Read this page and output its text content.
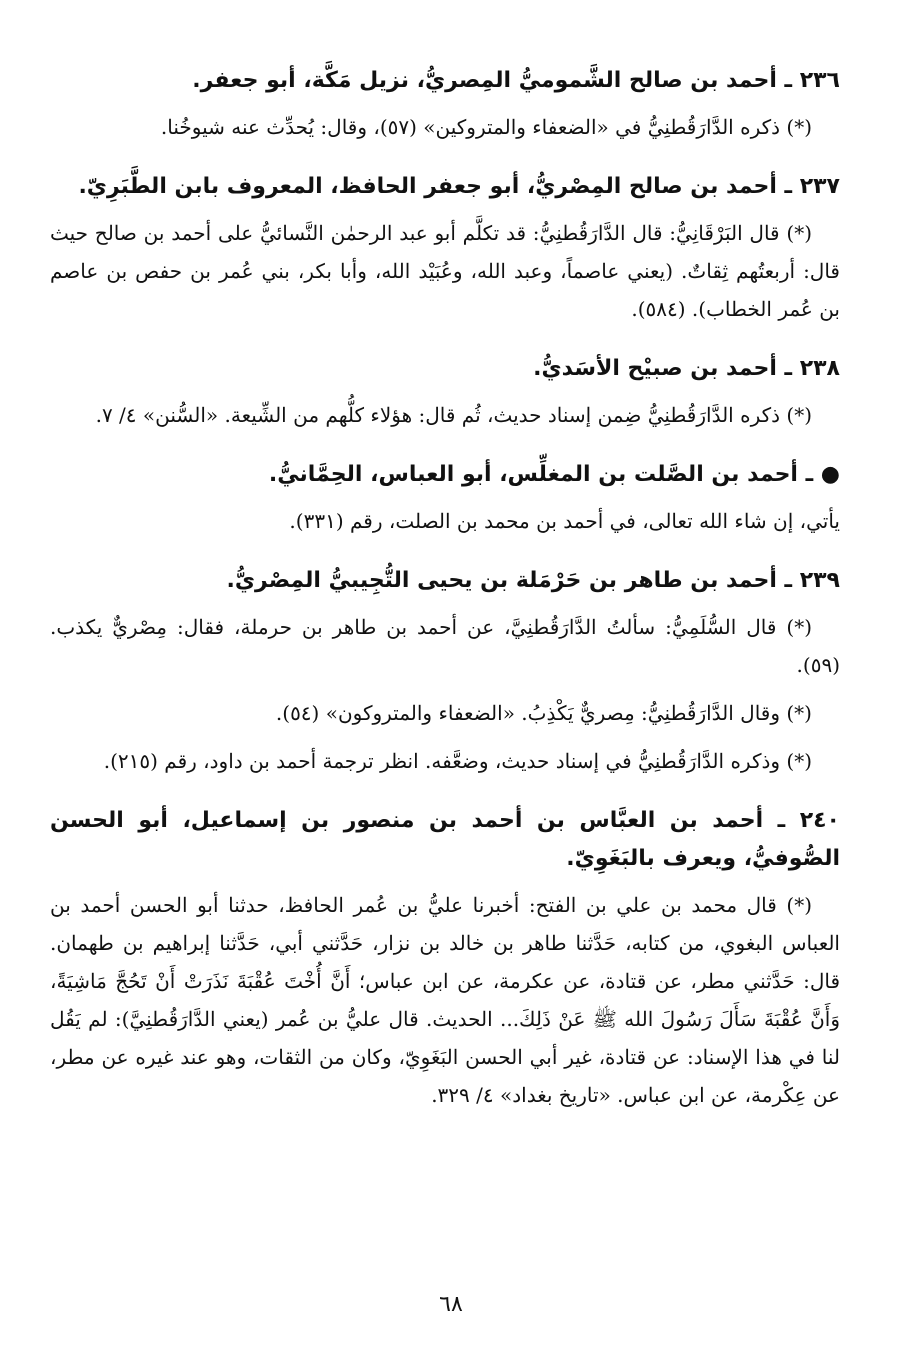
٢٣٦ ـ أحمد بن صالح الشَّموميُّ المِصريُّ، نزيل مَكَّة، أبو جعفر.
(*) ذكره الدَّارَقُطنِيُّ في «الضعفاء والمتروكين» (٥٧)، وقال: يُحدِّث عنه شيوخُنا.
٢٣٧ ـ أحمد بن صالح المِصْريُّ، أبو جعفر الحافظ، المعروف بابن الطَّبَرِيّ.
(*) قال البَرْقَانِيُّ: قال الدَّارَقُطنِيُّ: قد تكلَّم أبو عبد الرحمٰن النَّسائيُّ على أحمد بن صالح حيث قال: أربعتُهم ثِقاتٌ. (يعني عاصماً، وعبد الله، وعُبَيْد الله، وأبا بكر، بني عُمر بن حفص بن عاصم بن عُمر الخطاب). (٥٨٤).
٢٣٨ ـ أحمد بن صبيْح الأسَديُّ.
(*) ذكره الدَّارَقُطنِيُّ ضِمن إسناد حديث، ثُم قال: هؤلاء كلُّهم من الشِّيعة. «السُّنن» ٤/ ٧.
● ـ أحمد بن الصَّلت بن المغلِّس، أبو العباس، الحِمَّانيُّ.
يأتي، إن شاء الله تعالى، في أحمد بن محمد بن الصلت، رقم (٣٣١).
٢٣٩ ـ أحمد بن طاهر بن حَرْمَلة بن يحيى التُّجِيبيُّ المِصْريُّ.
(*) قال السُّلَمِيُّ: سألتُ الدَّارَقُطنِيَّ، عن أحمد بن طاهر بن حرملة، فقال: مِصْريٌّ يكذب. (٥٩).
(*) وقال الدَّارَقُطنِيُّ: مِصريٌّ يَكْذِبُ. «الضعفاء والمتروكون» (٥٤).
(*) وذكره الدَّارَقُطنِيُّ في إسناد حديث، وضعَّفه. انظر ترجمة أحمد بن داود، رقم (٢١٥).
٢٤٠ ـ أحمد بن العبَّاس بن أحمد بن منصور بن إسماعيل، أبو الحسن الصُّوفيُّ، ويعرف بالبَغَوِيّ.
(*) قال محمد بن علي بن الفتح: أخبرنا عليُّ بن عُمر الحافظ، حدثنا أبو الحسن أحمد بن العباس البغوي، من كتابه، حَدَّثنا طاهر بن خالد بن نزار، حَدَّثني أبي، حَدَّثنا إبراهيم بن طهمان. قال: حَدَّثني مطر، عن قتادة، عن عكرمة، عن ابن عباس؛ أَنَّ أُخْتَ عُقْبَةَ نَذَرَتْ أَنْ تَحُجَّ مَاشِيَةً، وَأَنَّ عُقْبَةَ سَأَلَ رَسُولَ الله ﷺ عَنْ ذَلِكَ... الحديث. قال عليُّ بن عُمر (يعني الدَّارَقُطنِيَّ): لم يَقُل لنا في هذا الإسناد: عن قتادة، غير أبي الحسن البَغَوِيّ، وكان من الثقات، وهو عند غيره عن مطر، عن عِكْرمة، عن ابن عباس. «تاريخ بغداد» ٤/ ٣٢٩.
٦٨
